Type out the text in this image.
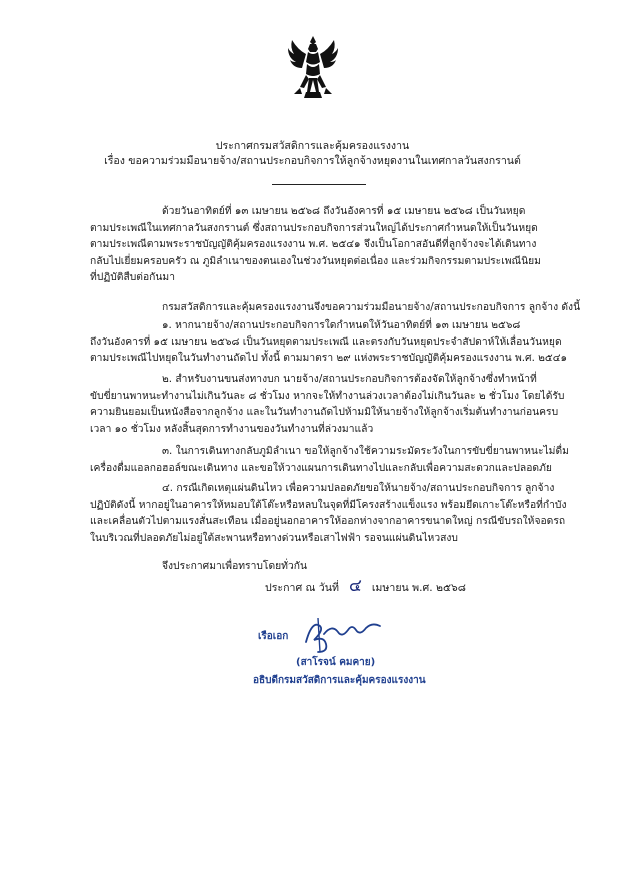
ประกาศกรมสวัสดิการและคุ้มครองแรงงาน
เรื่อง ขอความร่วมมือนายจ้าง/สถานประกอบกิจการให้ลูกจ้างหยุดงานในเทศกาลวันสงกรานต์
ด้วยวันอาทิตย์ที่ ๑๓ เมษายน ๒๕๖๘ ถึงวันอังคารที่ ๑๕ เมษายน ๒๕๖๘ เป็นวันหยุด
ตามประเพณีในเทศกาลวันสงกรานต์ ซึ่งสถานประกอบกิจการส่วนใหญ่ได้ประกาศกำหนดให้เป็นวันหยุด
ตามประเพณีตามพระราชบัญญัติคุ้มครองแรงงาน พ.ศ. ๒๕๔๑ จึงเป็นโอกาสอันดีที่ลูกจ้างจะได้เดินทาง
กลับไปเยี่ยมครอบครัว ณ ภูมิลำเนาของตนเองในช่วงวันหยุดต่อเนื่อง และร่วมกิจกรรมตามประเพณีนิยม
ที่ปฏิบัติสืบต่อกันมา
กรมสวัสดิการและคุ้มครองแรงงานจึงขอความร่วมมือนายจ้าง/สถานประกอบกิจการ ลูกจ้าง ดังนี้
๑. หากนายจ้าง/สถานประกอบกิจการใดกำหนดให้วันอาทิตย์ที่ ๑๓ เมษายน ๒๕๖๘
ถึงวันอังคารที่ ๑๕ เมษายน ๒๕๖๘ เป็นวันหยุดตามประเพณี และตรงกับวันหยุดประจำสัปดาห์ให้เลื่อนวันหยุด
ตามประเพณีไปหยุดในวันทำงานถัดไป ทั้งนี้ ตามมาตรา ๒๙ แห่งพระราชบัญญัติคุ้มครองแรงงาน พ.ศ. ๒๕๔๑
๒. สำหรับงานขนส่งทางบก นายจ้าง/สถานประกอบกิจการต้องจัดให้ลูกจ้างซึ่งทำหน้าที่
ขับขี่ยานพาหนะทำงานไม่เกินวันละ ๘ ชั่วโมง หากจะให้ทำงานล่วงเวลาต้องไม่เกินวันละ ๒ ชั่วโมง โดยได้รับ
ความยินยอมเป็นหนังสือจากลูกจ้าง และในวันทำงานถัดไปห้ามมิให้นายจ้างให้ลูกจ้างเริ่มต้นทำงานก่อนครบ
เวลา ๑๐ ชั่วโมง หลังสิ้นสุดการทำงานของวันทำงานที่ล่วงมาแล้ว
๓. ในการเดินทางกลับภูมิลำเนา ขอให้ลูกจ้างใช้ความระมัดระวังในการขับขี่ยานพาหนะไม่ดื่ม
เครื่องดื่มแอลกอฮอล์ขณะเดินทาง และขอให้วางแผนการเดินทางไปและกลับเพื่อความสะดวกและปลอดภัย
๔. กรณีเกิดเหตุแผ่นดินไหว เพื่อความปลอดภัยขอให้นายจ้าง/สถานประกอบกิจการ ลูกจ้าง
ปฏิบัติดังนี้ หากอยู่ในอาคารให้หมอบใต้โต๊ะหรือหลบในจุดที่มีโครงสร้างแข็งแรง พร้อมยึดเกาะโต๊ะหรือที่กำบัง
และเคลื่อนตัวไปตามแรงสั่นสะเทือน เมื่ออยู่นอกอาคารให้ออกห่างจากอาคารขนาดใหญ่ กรณีขับรถให้จอดรถ
ในบริเวณที่ปลอดภัยไม่อยู่ใต้สะพานหรือทางด่วนหรือเสาไฟฟ้า รอจนแผ่นดินไหวสงบ
จึงประกาศมาเพื่อทราบโดยทั่วกัน
ประกาศ ณ วันที่ ๔ เมษายน พ.ศ. ๒๕๖๘
เรือเอก
(สาโรจน์ คมคาย)
อธิบดีกรมสวัสดิการและคุ้มครองแรงงาน
